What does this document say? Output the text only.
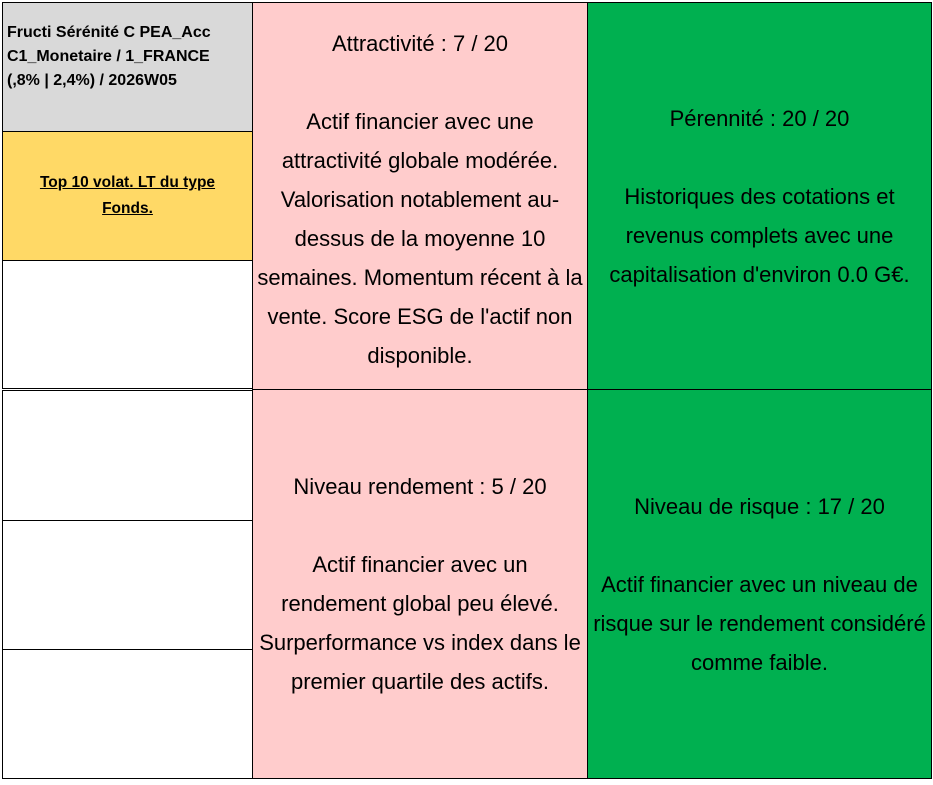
Fructi Sérénité C PEA_Acc
C1_Monetaire / 1_FRANCE
(,8% | 2,4%) / 2026W05
Top 10 volat. LT du type Fonds.
Attractivité : 7 / 20
Actif financier avec une attractivité globale modérée. Valorisation notablement au-dessus de la moyenne 10 semaines. Momentum récent à la vente. Score ESG de l'actif non disponible.
Pérennité : 20 / 20
Historiques des cotations et revenus complets avec une capitalisation d'environ 0.0 G€.
Niveau rendement : 5 / 20
Actif financier avec un rendement global peu élevé. Surperformance vs index dans le premier quartile des actifs.
Niveau de risque : 17 / 20
Actif financier avec un niveau de risque sur le rendement considéré comme faible.
